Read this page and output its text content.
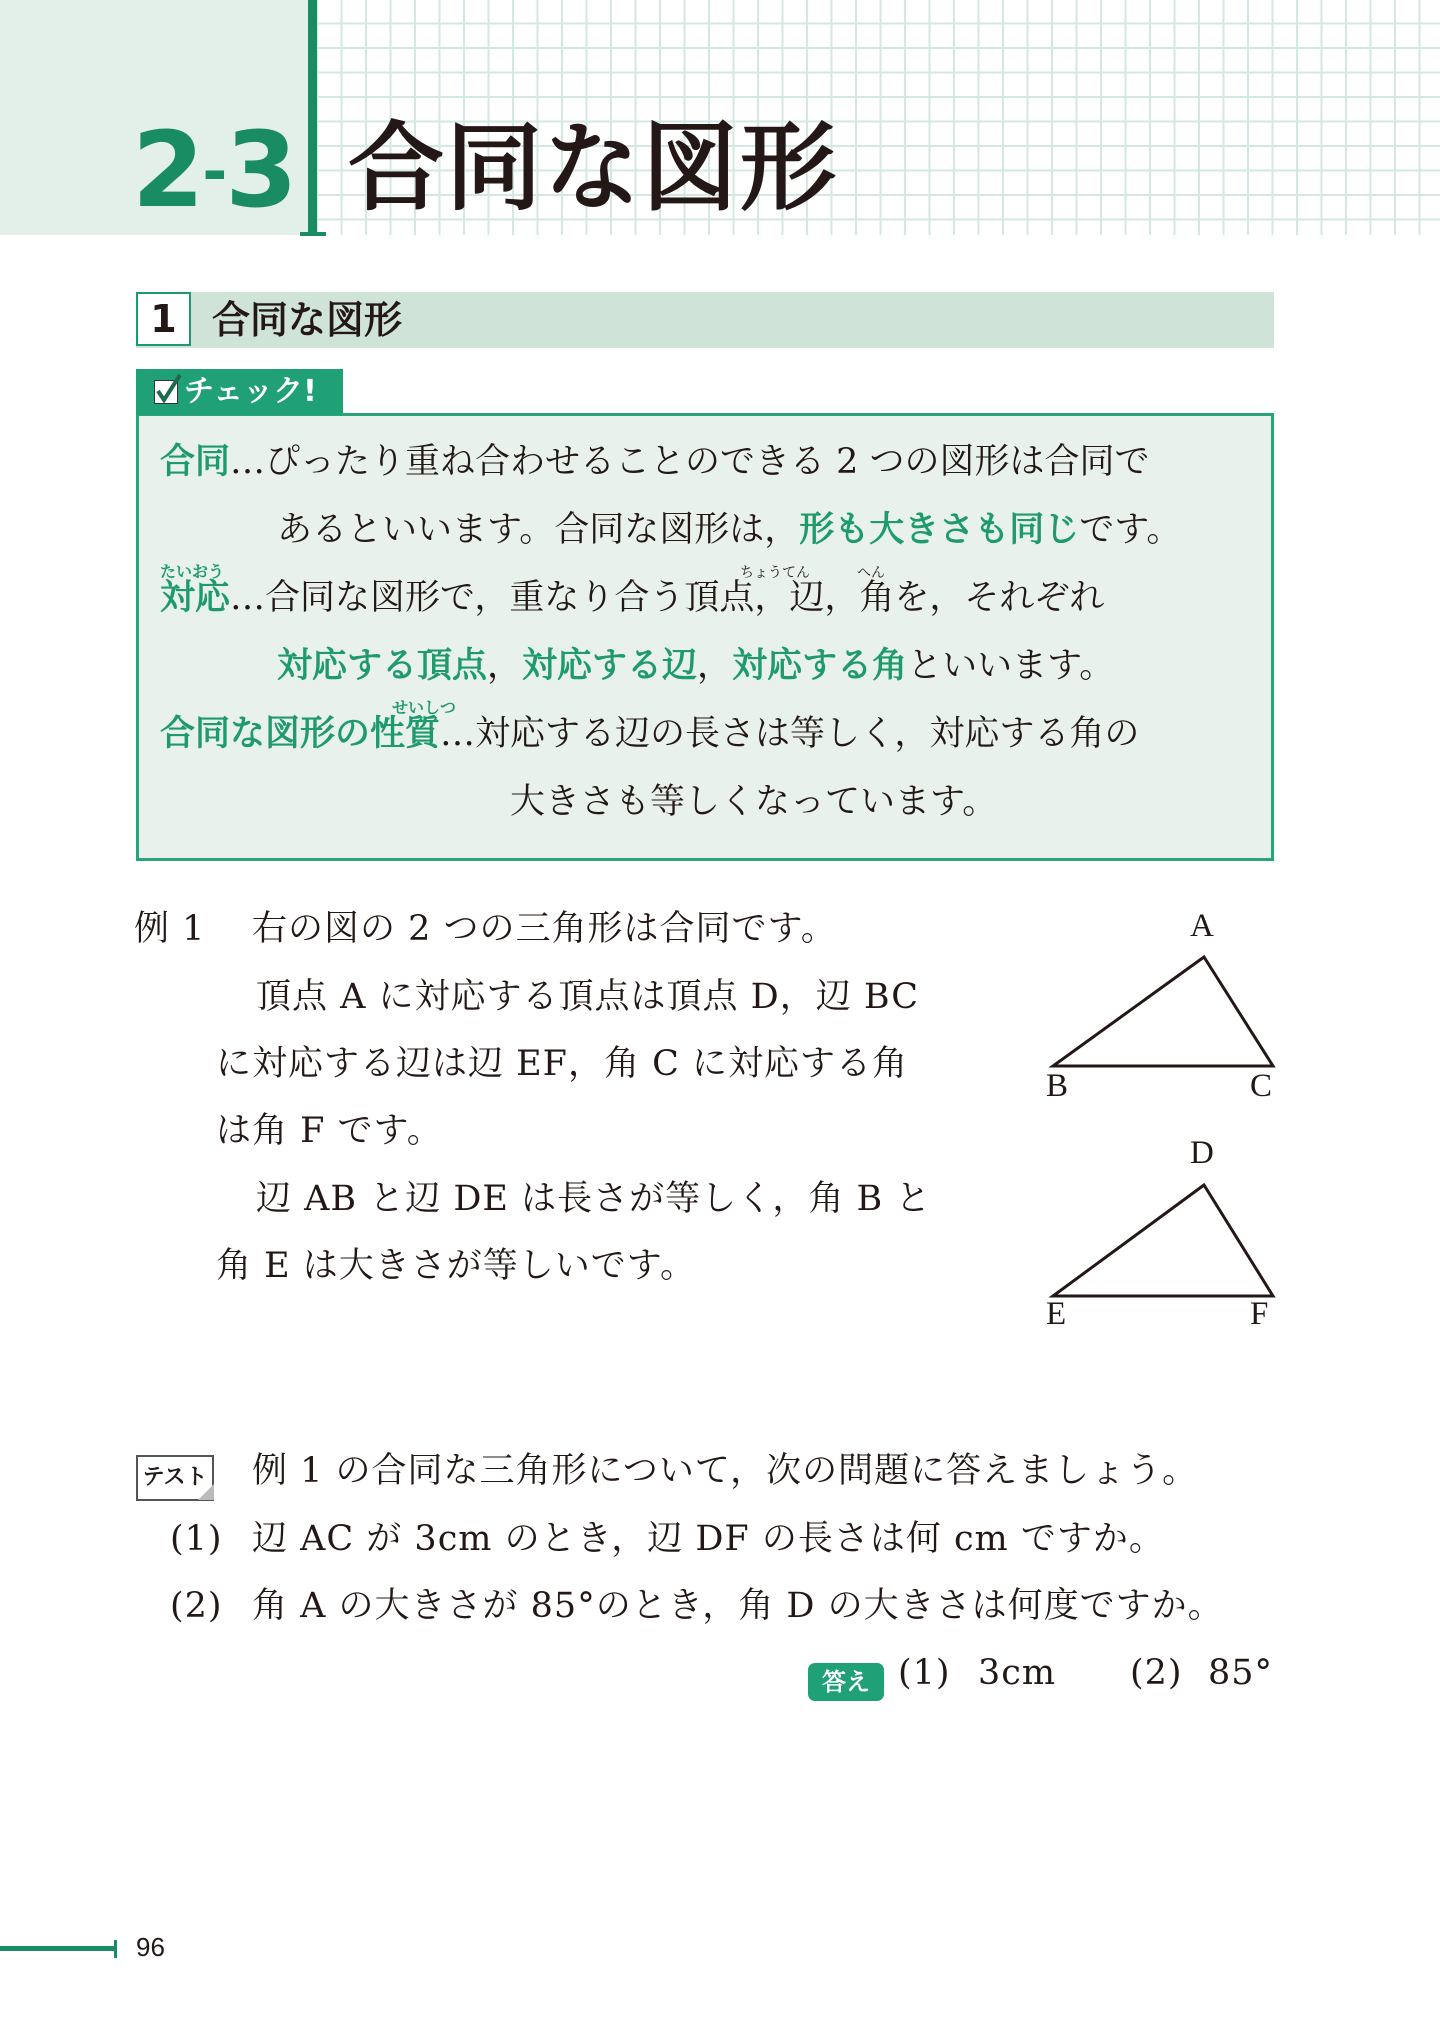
2-3 合同な図形
1 合同な図形
チェック!
合同…ぴったり重ね合わせることのできる 2 つの図形は合同で
あるといいます。合同な図形は，形も大きさも同じです。
たいおう	ちょうてん	へん
対応…合同な図形で，重なり合う頂点，辺，角を，それぞれ
対応する頂点，対応する辺，対応する角といいます。
せいしつ
合同な図形の性質…対応する辺の長さは等しく，対応する角の
大きさも等しくなっています。
例 1 右の図の 2 つの三角形は合同です。
頂点 A に対応する頂点は頂点 D，辺 BC
に対応する辺は辺 EF，角 C に対応する角
は角 F です。
辺 AB と辺 DE は長さが等しく，角 B と
角 E は大きさが等しいです。
A
B	C
D
E	F
テスト 例 1 の合同な三角形について，次の問題に答えましょう。
(1) 辺 AC が 3cm のとき，辺 DF の長さは何 cm ですか。
(2) 角 A の大きさが 85°のとき，角 D の大きさは何度ですか。
答え (1) 3cm (2) 85°
96
